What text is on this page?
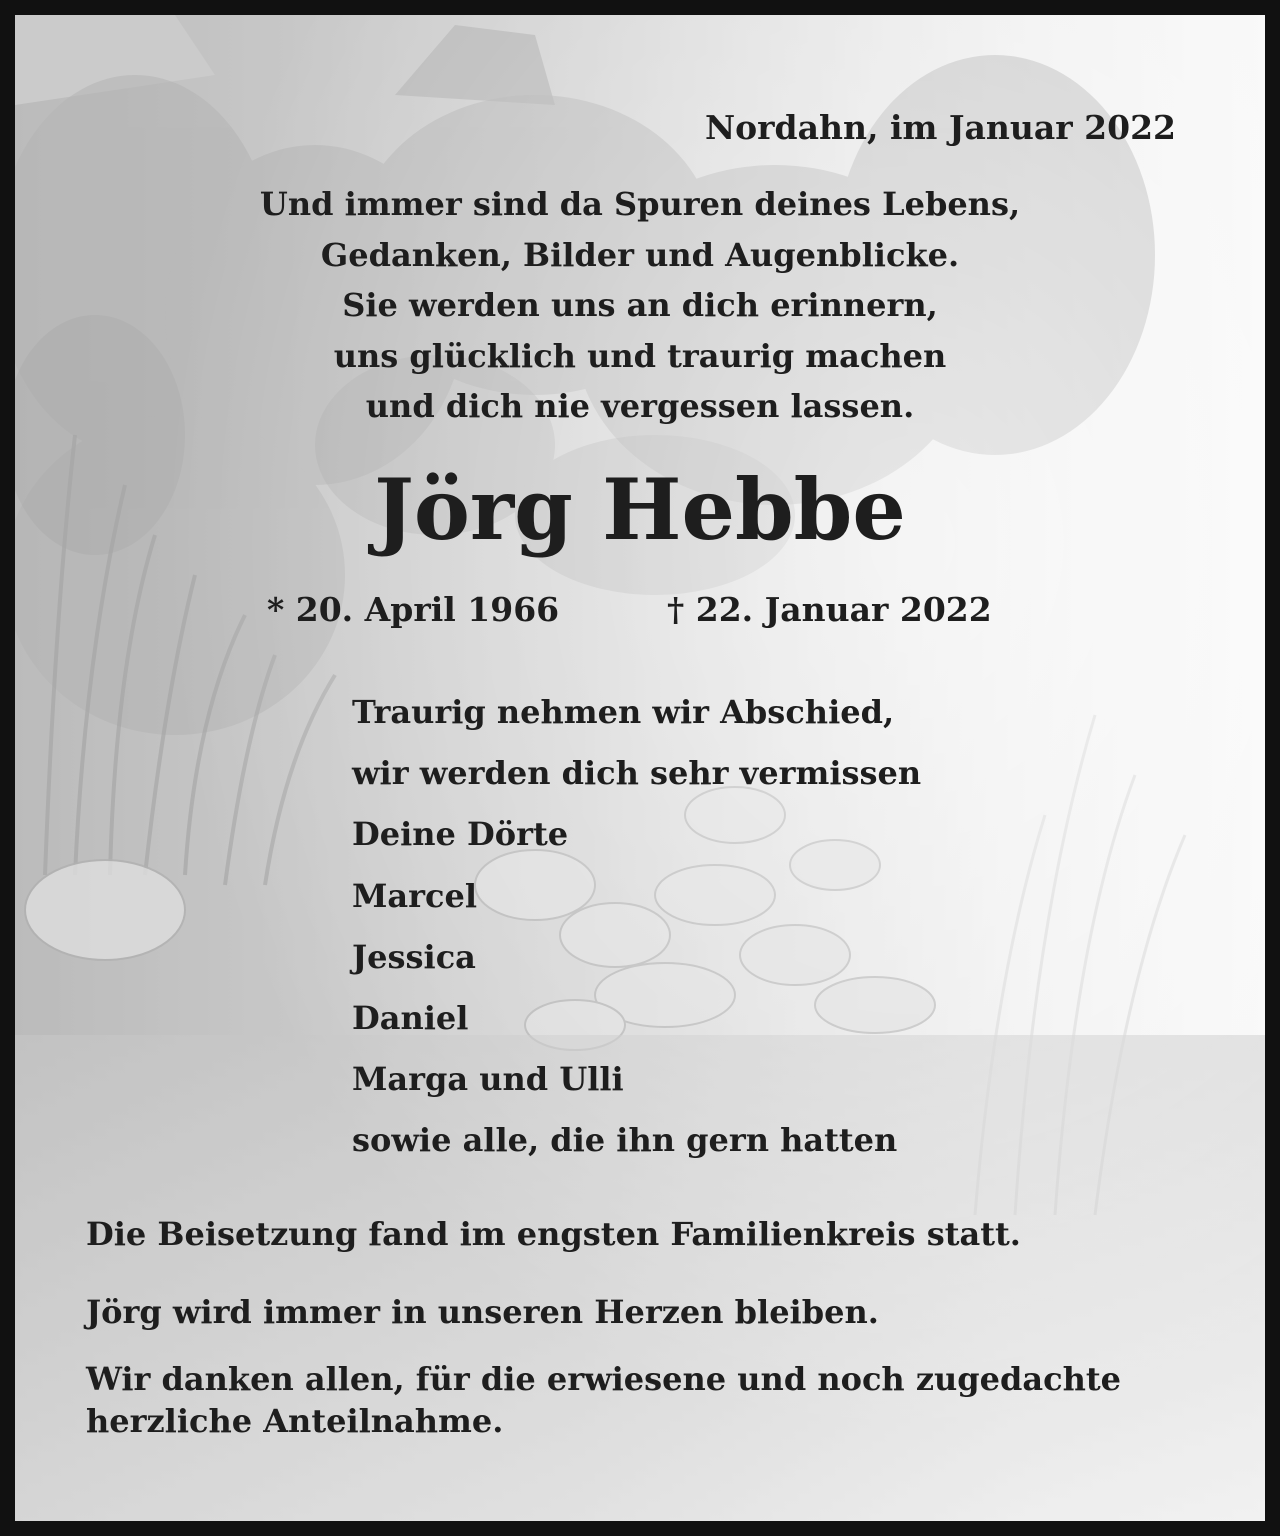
Nordahn, im Januar 2022
Und immer sind da Spuren deines Lebens,
Gedanken, Bilder und Augenblicke.
Sie werden uns an dich erinnern,
uns glücklich und traurig machen
und dich nie vergessen lassen.
Jörg Hebbe
* 20. April 1966	† 22. Januar 2022
Traurig nehmen wir Abschied,
wir werden dich sehr vermissen
Deine Dörte
Marcel
Jessica
Daniel
Marga und Ulli
sowie alle, die ihn gern hatten
Die Beisetzung fand im engsten Familienkreis statt.
Jörg wird immer in unseren Herzen bleiben.
Wir danken allen, für die erwiesene und noch zugedachte
herzliche Anteilnahme.
